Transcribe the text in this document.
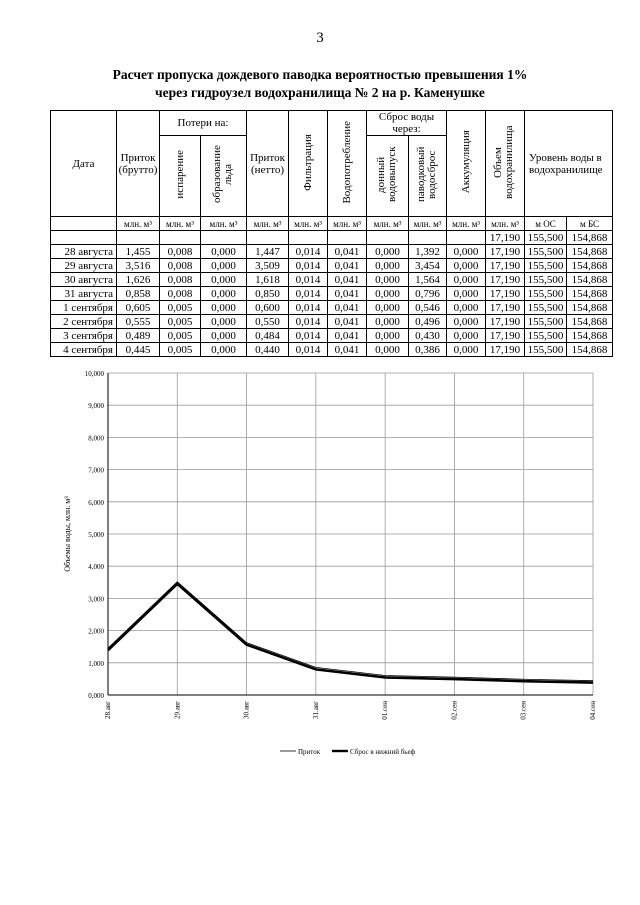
3
Расчет пропуска дождевого паводка вероятностью превышения 1%
через гидроузел водохранилища № 2 на р. Каменушке
Дата	Приток (брутто)	Потери на:		Приток (нетто)	Фильтрация	Водопотребление	Сброс воды через:		Аккумуляция	Объем водохранилища	Уровень воды в водохранилище	
		испарение	образование льда				донный водовыпуск	паводковый водосброс				
	млн. м³	млн. м³	млн. м³	млн. м³	млн. м³	млн. м³	млн. м³	млн. м³	млн. м³	млн. м³	м ОС	м БС
										17,190	155,500	154,868
28 августа	1,455	0,008	0,000	1,447	0,014	0,041	0,000	1,392	0,000	17,190	155,500	154,868
29 августа	3,516	0,008	0,000	3,509	0,014	0,041	0,000	3,454	0,000	17,190	155,500	154,868
30 августа	1,626	0,008	0,000	1,618	0,014	0,041	0,000	1,564	0,000	17,190	155,500	154,868
31 августа	0,858	0,008	0,000	0,850	0,014	0,041	0,000	0,796	0,000	17,190	155,500	154,868
1 сентября	0,605	0,005	0,000	0,600	0,014	0,041	0,000	0,546	0,000	17,190	155,500	154,868
2 сентября	0,555	0,005	0,000	0,550	0,014	0,041	0,000	0,496	0,000	17,190	155,500	154,868
3 сентября	0,489	0,005	0,000	0,484	0,014	0,041	0,000	0,430	0,000	17,190	155,500	154,868
4 сентября	0,445	0,005	0,000	0,440	0,014	0,041	0,000	0,386	0,000	17,190	155,500	154,868
0,000
1,000
2,000
3,000
4,000
5,000
6,000
7,000
8,000
9,000
10,000
28.авг	29.авг	30.авг	31.авг	01.сен	02.сен	03.сен	04.сен
Объемы воды, млн. м³
Приток	Сброс в нижний бьеф
